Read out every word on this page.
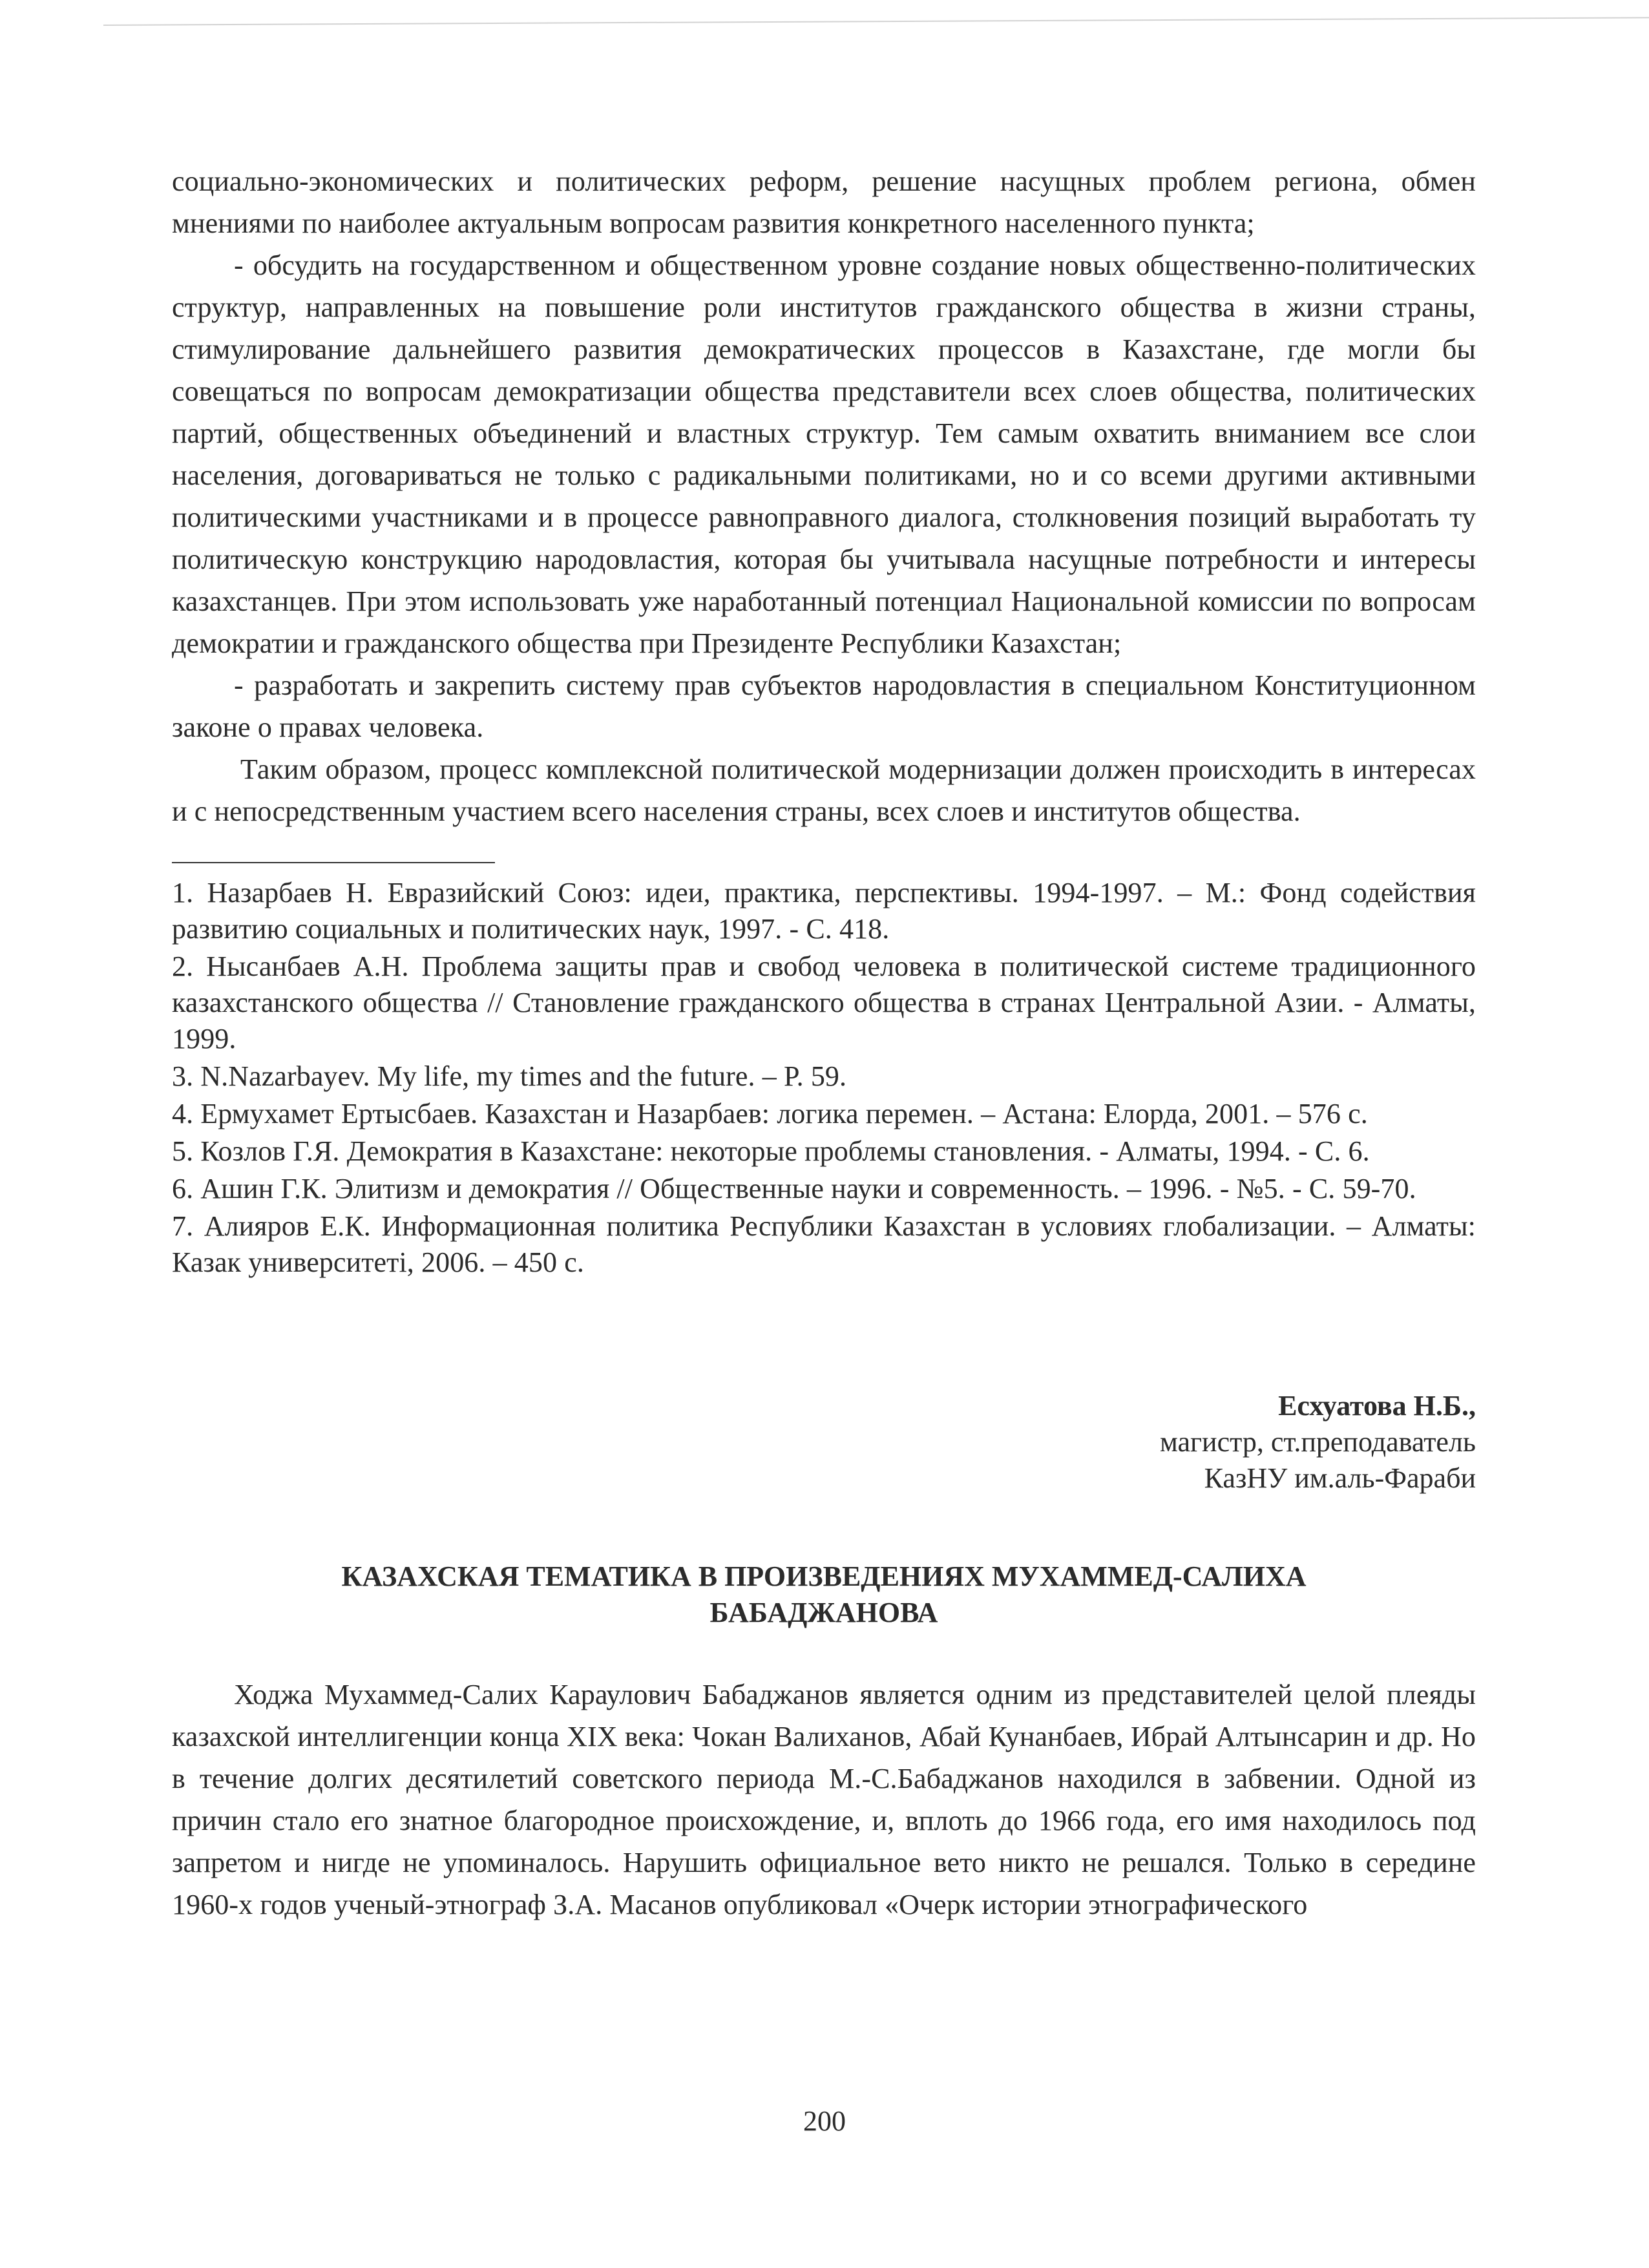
социально-экономических и политических реформ, решение насущных проблем региона, обмен мнениями по наиболее актуальным вопросам развития конкретного населенного пункта;

- обсудить на государственном и общественном уровне создание новых общественно-политических структур, направленных на повышение роли институтов гражданского общества в жизни страны, стимулирование дальнейшего развития демократических процессов в Казахстане, где могли бы совещаться по вопросам демократизации общества представители всех слоев общества, политических партий, общественных объединений и властных структур. Тем самым охватить вниманием все слои населения, договариваться не только с радикальными политиками, но и со всеми другими активными политическими участниками и в процессе равноправного диалога, столкновения позиций выработать ту политическую конструкцию народовластия, которая бы учитывала насущные потребности и интересы казахстанцев. При этом использовать уже наработанный потенциал Национальной комиссии по вопросам демократии и гражданского общества при Президенте Республики Казахстан;

- разработать и закрепить систему прав субъектов народовластия в специальном Конституционном законе о правах человека.

Таким образом, процесс комплексной политической модернизации должен происходить в интересах и с непосредственным участием всего населения страны, всех слоев и институтов общества.

1. Назарбаев Н. Евразийский Союз: идеи, практика, перспективы. 1994-1997. – М.: Фонд содействия развитию социальных и политических наук, 1997. - С. 418.

2. Нысанбаев А.Н. Проблема защиты прав и свобод человека в политической системе традиционного казахстанского общества // Становление гражданского общества в странах Центральной Азии. - Алматы, 1999.

3. N.Nazarbayev. My life, my times and the future. – P. 59.

4. Ермухамет Ертысбаев. Казахстан и Назарбаев: логика перемен. – Астана: Елорда, 2001. – 576 с.

5. Козлов Г.Я. Демократия в Казахстане: некоторые проблемы становления. - Алматы, 1994. - С. 6.

6. Ашин Г.К. Элитизм и демократия // Общественные науки и современность. – 1996. - №5. - С. 59-70.

7. Алияров Е.К. Информационная политика Республики Казахстан в условиях глобализации. – Алматы: Казак университетi, 2006. – 450 с.

Есхуатова Н.Б.,
магистр, ст.преподаватель
КазНУ им.аль-Фараби
КАЗАХСКАЯ ТЕМАТИКА В ПРОИЗВЕДЕНИЯХ МУХАММЕД-САЛИХА БАБАДЖАНОВА

Ходжа Мухаммед-Салих Караулович Бабаджанов является одним из представителей целой плеяды казахской интеллигенции конца XIX века: Чокан Валиханов, Абай Кунанбаев, Ибрай Алтынсарин и др. Но в течение долгих десятилетий советского периода М.-С.Бабаджанов находился в забвении. Одной из причин стало его знатное благородное происхождение, и, вплоть до 1966 года, его имя находилось под запретом и нигде не упоминалось. Нарушить официальное вето никто не решался. Только в середине 1960-х годов ученый-этнограф З.А. Масанов опубликовал «Очерк истории этнографического

200
